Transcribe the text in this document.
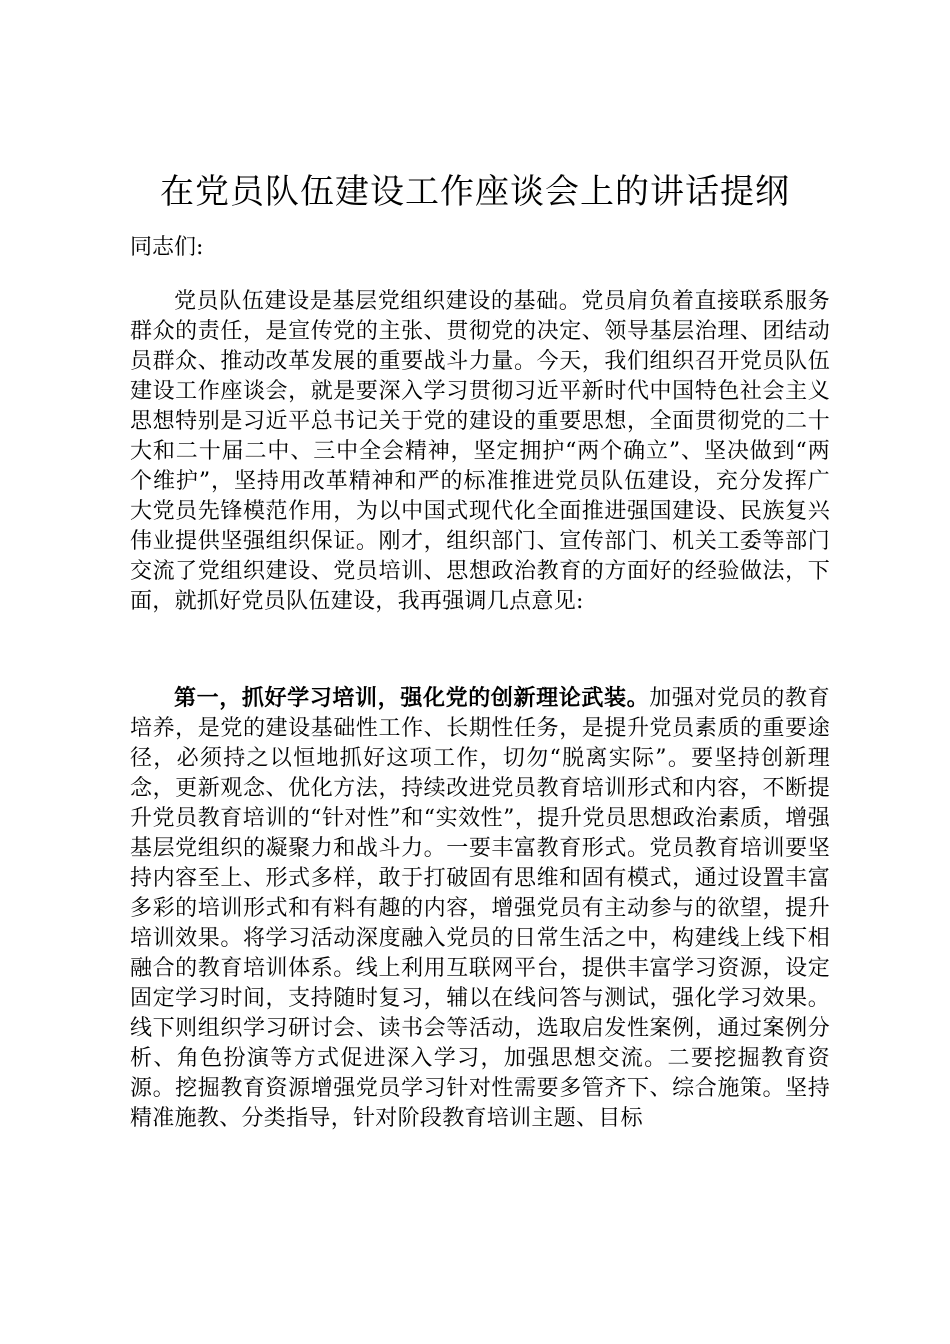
在党员队伍建设工作座谈会上的讲话提纲

同志们:

党员队伍建设是基层党组织建设的基础。党员肩负着直接联系服务群众的责任，是宣传党的主张、贯彻党的决定、领导基层治理、团结动员群众、推动改革发展的重要战斗力量。今天，我们组织召开党员队伍建设工作座谈会，就是要深入学习贯彻习近平新时代中国特色社会主义思想特别是习近平总书记关于党的建设的重要思想，全面贯彻党的二十大和二十届二中、三中全会精神，坚定拥护“两个确立”、坚决做到“两个维护”，坚持用改革精神和严的标准推进党员队伍建设，充分发挥广大党员先锋模范作用，为以中国式现代化全面推进强国建设、民族复兴伟业提供坚强组织保证。刚才，组织部门、宣传部门、机关工委等部门交流了党组织建设、党员培训、思想政治教育的方面好的经验做法，下面，就抓好党员队伍建设，我再强调几点意见:

第一，抓好学习培训，强化党的创新理论武装。加强对党员的教育培养，是党的建设基础性工作、长期性任务，是提升党员素质的重要途径，必须持之以恒地抓好这项工作，切勿“脱离实际”。要坚持创新理念，更新观念、优化方法，持续改进党员教育培训形式和内容，不断提升党员教育培训的“针对性”和“实效性”，提升党员思想政治素质，增强基层党组织的凝聚力和战斗力。一要丰富教育形式。党员教育培训要坚持内容至上、形式多样，敢于打破固有思维和固有模式，通过设置丰富多彩的培训形式和有料有趣的内容，增强党员有主动参与的欲望，提升培训效果。将学习活动深度融入党员的日常生活之中，构建线上线下相融合的教育培训体系。线上利用互联网平台，提供丰富学习资源，设定固定学习时间，支持随时复习，辅以在线问答与测试，强化学习效果。线下则组织学习研讨会、读书会等活动，选取启发性案例，通过案例分析、角色扮演等方式促进深入学习，加强思想交流。二要挖掘教育资源。挖掘教育资源增强党员学习针对性需要多管齐下、综合施策。坚持精准施教、分类指导，针对阶段教育培训主题、目标
